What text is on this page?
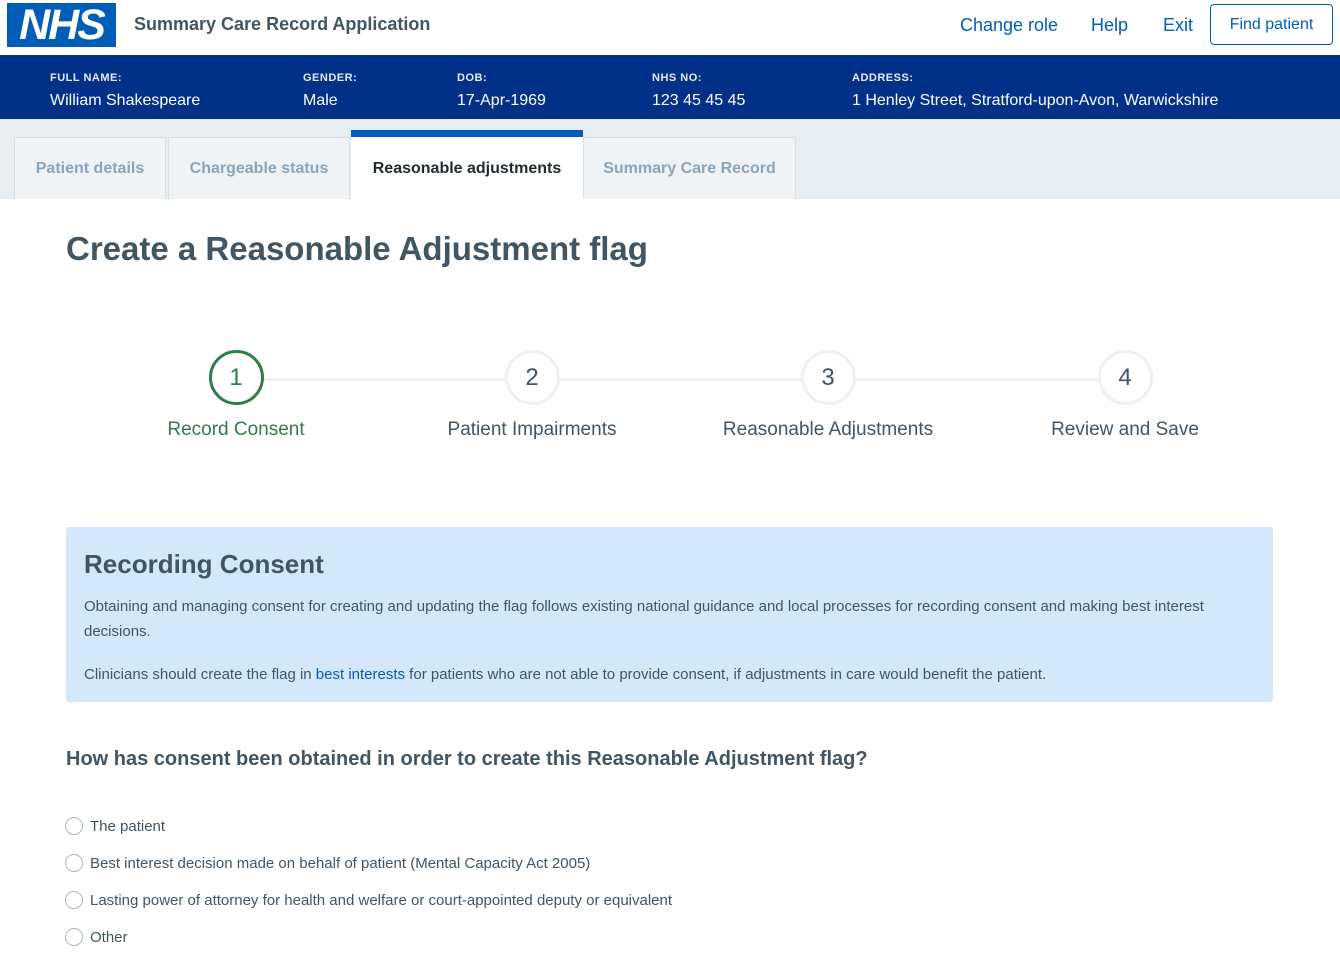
NHS	Summary Care Record Application	Change role Help Exit	Find patient
FULL NAME:
William Shakespeare
GENDER:
Male
DOB:
17-Apr-1969
NHS NO:
123 45 45 45
ADDRESS:
1 Henley Street, Stratford-upon-Avon, Warwickshire
Patient details	Chargeable status	Reasonable adjustments	Summary Care Record
Create a Reasonable Adjustment flag
1
Record Consent
2
Patient Impairments
3
Reasonable Adjustments
4
Review and Save
Recording Consent

Obtaining and managing consent for creating and updating the flag follows existing national guidance and local processes for recording consent and making best interest decisions.

Clinicians should create the flag in best interests for patients who are not able to provide consent, if adjustments in care would benefit the patient.

How has consent been obtained in order to create this Reasonable Adjustment flag?
The patient
Best interest decision made on behalf of patient (Mental Capacity Act 2005)
Lasting power of attorney for health and welfare or court-appointed deputy or equivalent
Other
